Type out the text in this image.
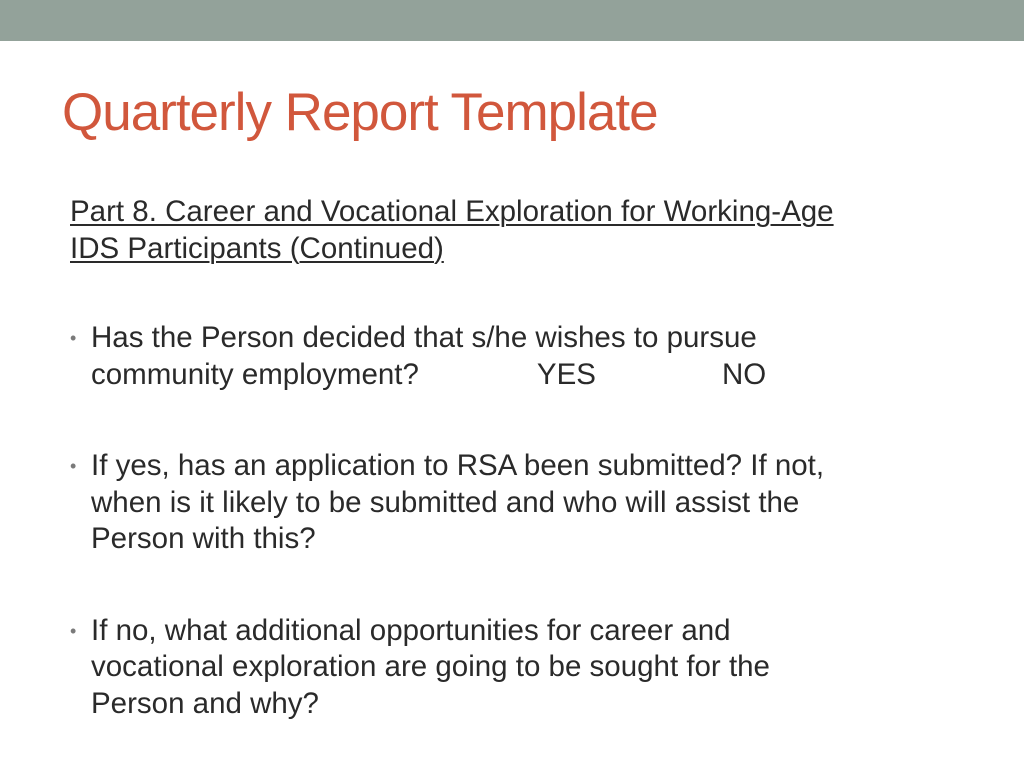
Quarterly Report Template

Part 8. Career and Vocational Exploration for Working-Age
IDS Participants (Continued)

• Has the Person decided that s/he wishes to pursue
community employment?	YES	NO
• If yes, has an application to RSA been submitted? If not,
when is it likely to be submitted and who will assist the
Person with this?
• If no, what additional opportunities for career and
vocational exploration are going to be sought for the
Person and why?
